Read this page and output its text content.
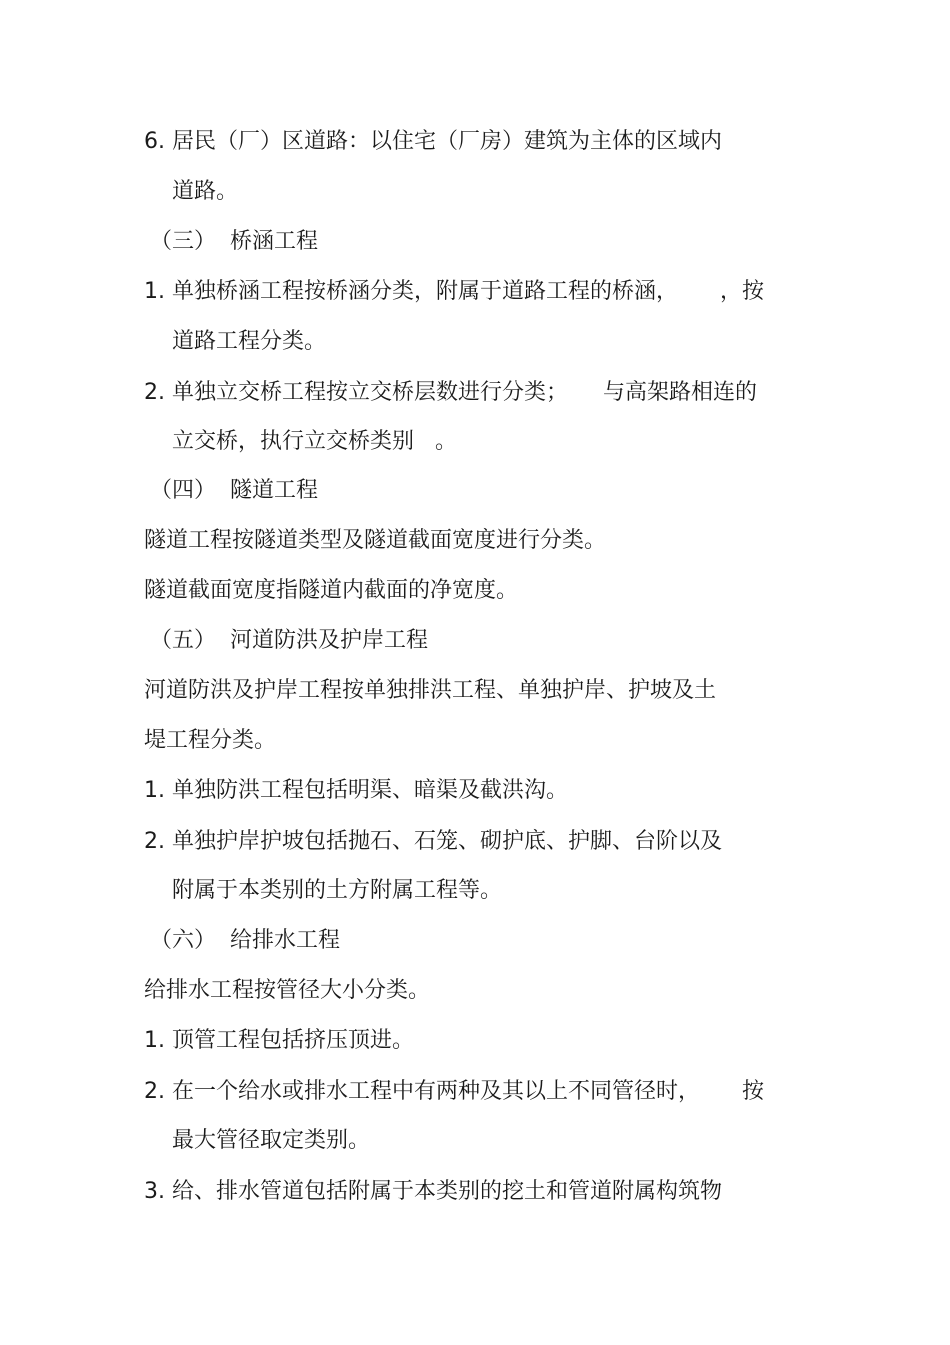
6. 居民（厂）区道路：以住宅（厂房）建筑为主体的区域内
道路。
（三）  桥涵工程
1. 单独桥涵工程按桥涵分类，附属于道路工程的桥涵，      ，按
道路工程分类。
2. 单独立交桥工程按立交桥层数进行分类；     与高架路相连的
立交桥，执行立交桥类别   。
（四）  隧道工程
隧道工程按隧道类型及隧道截面宽度进行分类。
隧道截面宽度指隧道内截面的净宽度。
（五）  河道防洪及护岸工程
河道防洪及护岸工程按单独排洪工程、单独护岸、护坡及土
堤工程分类。
1. 单独防洪工程包括明渠、暗渠及截洪沟。
2. 单独护岸护坡包括抛石、石笼、砌护底、护脚、台阶以及
附属于本类别的土方附属工程等。
（六）  给排水工程
给排水工程按管径大小分类。
1. 顶管工程包括挤压顶进。
2. 在一个给水或排水工程中有两种及其以上不同管径时，      按
最大管径取定类别。
3. 给、排水管道包括附属于本类别的挖土和管道附属构筑物
